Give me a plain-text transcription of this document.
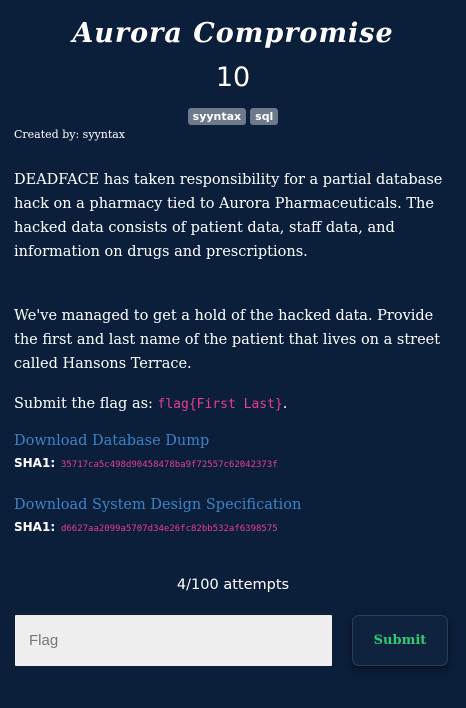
Aurora Compromise
10
syyntax sql
Created by: syyntax

DEADFACE has taken responsibility for a partial database hack on a pharmacy tied to Aurora Pharmaceuticals. The hacked data consists of patient data, staff data, and information on drugs and prescriptions.

We've managed to get a hold of the hacked data. Provide the first and last name of the patient that lives on a street called Hansons Terrace.

Submit the flag as: flag{First Last}.

Download Database Dump
SHA1: 35717ca5c498d90458478ba9f72557c62042373f
Download System Design Specification
SHA1: d6627aa2099a5707d34e26fc82bb532af6398575
4/100 attempts
Flag
Submit
